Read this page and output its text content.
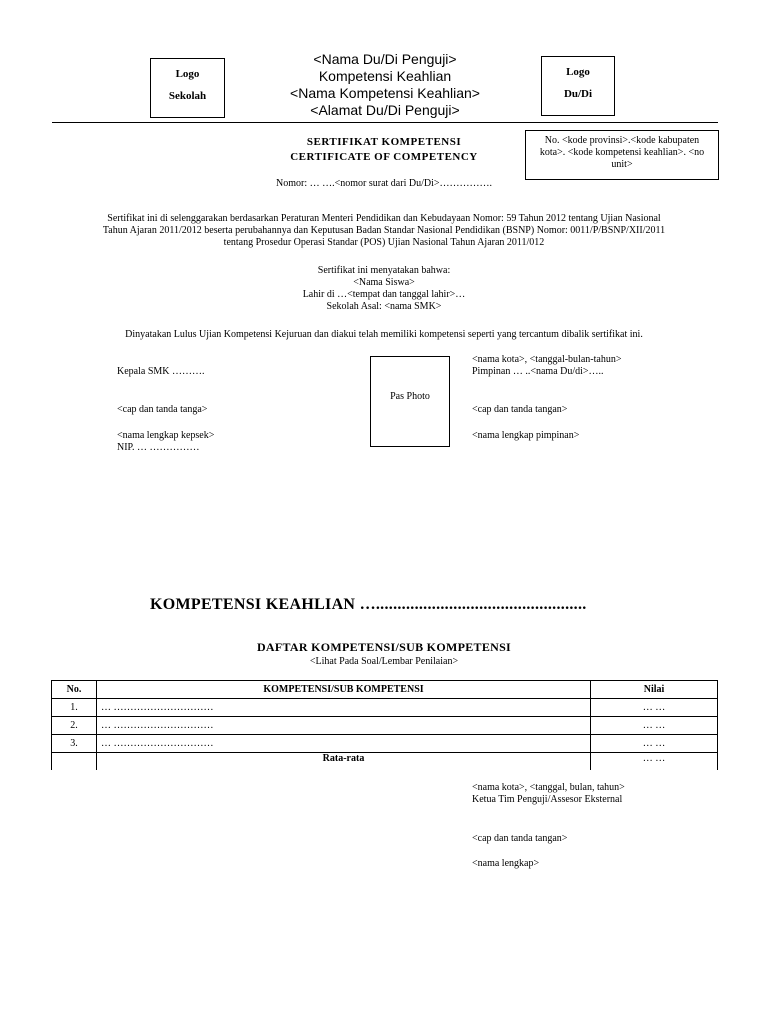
Logo
Sekolah
Logo
Du/Di
<Nama Du/Di Penguji>
Kompetensi Keahlian
<Nama Kompetensi Keahlian>
<Alamat Du/Di Penguji>
SERTIFIKAT KOMPETENSI
CERTIFICATE OF COMPETENCY
No. <kode provinsi>.<kode kabupaten kota>. <kode kompetensi keahlian>. <no unit>
Nomor: … ….<nomor surat dari Du/Di>…………….
Sertifikat ini di selenggarakan berdasarkan Peraturan Menteri Pendidikan dan Kebudayaan Nomor: 59 Tahun 2012 tentang Ujian Nasional
Tahun Ajaran 2011/2012 beserta perubahannya dan Keputusan Badan Standar Nasional Pendidikan (BSNP) Nomor: 0011/P/BSNP/XII/2011
tentang Prosedur Operasi Standar (POS) Ujian Nasional Tahun Ajaran 2011/012
Sertifikat ini menyatakan bahwa:
<Nama Siswa>
Lahir di …<tempat dan tanggal lahir>…
Sekolah Asal: <nama SMK>
Dinyatakan Lulus Ujian Kompetensi Kejuruan dan diakui telah memiliki kompetensi seperti yang tercantum dibalik sertifikat ini.
Kepala SMK ……….
<cap dan tanda tanga>
<nama lengkap kepsek>
NIP. … ……………
Pas Photo
<nama kota>, <tanggal-bulan-tahun>
Pimpinan … ..<nama Du/di>…..
<cap dan tanda tangan>
<nama lengkap pimpinan>
KOMPETENSI KEAHLIAN ….................................................
DAFTAR KOMPETENSI/SUB KOMPETENSI
<Lihat Pada Soal/Lembar Penilaian>
No.	KOMPETENSI/SUB KOMPETENSI	Nilai
1.	… …………………………	… …
2.	… …………………………	… …
3.	… …………………………	… …
	Rata-rata	… …
<nama kota>, <tanggal, bulan, tahun>
Ketua Tim Penguji/Assesor Eksternal
<cap dan tanda tangan>
<nama lengkap>
